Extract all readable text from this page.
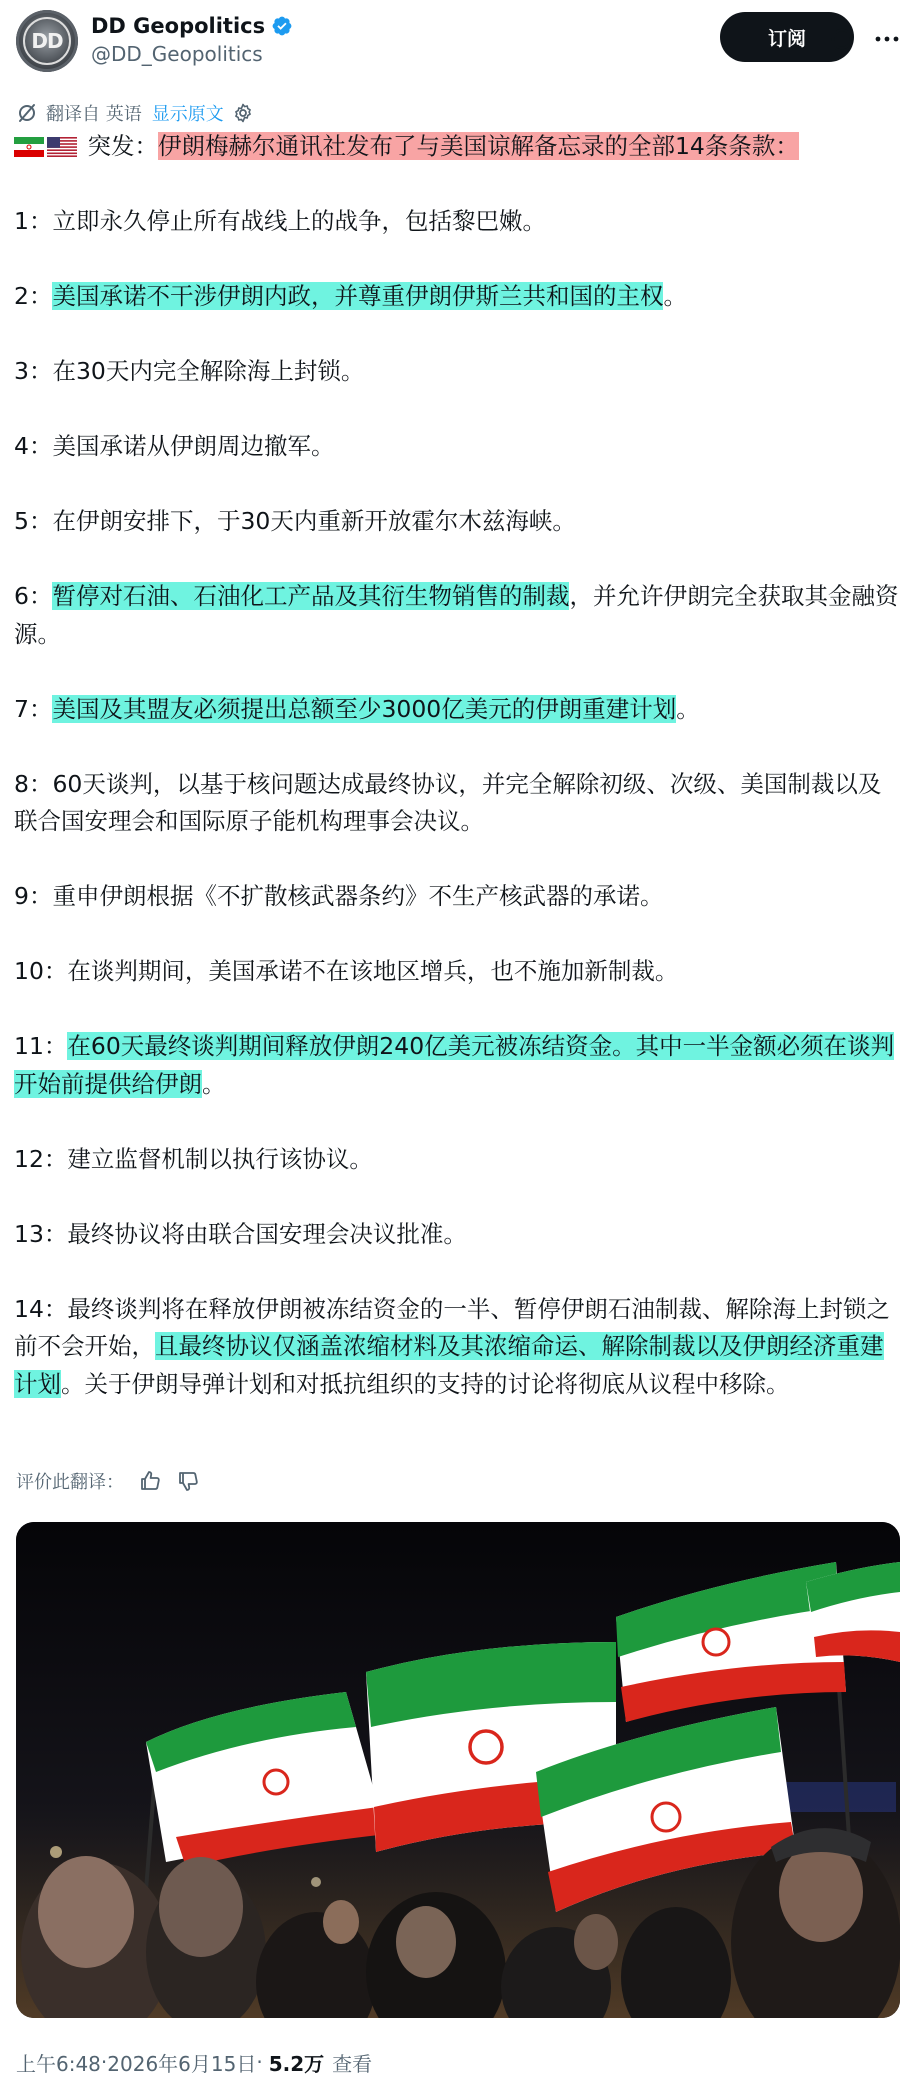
DD
DD Geopolitics
@DD_Geopolitics
订阅
翻译自 英语 显示原文

突发：伊朗梅赫尔通讯社发布了与美国谅解备忘录的全部14条条款：

1：立即永久停止所有战线上的战争，包括黎巴嫩。

2：美国承诺不干涉伊朗内政，并尊重伊朗伊斯兰共和国的主权。

3：在30天内完全解除海上封锁。

4：美国承诺从伊朗周边撤军。

5：在伊朗安排下，于30天内重新开放霍尔木兹海峡。

6：暂停对石油、石油化工产品及其衍生物销售的制裁，并允许伊朗完全获取其金融资源。

7：美国及其盟友必须提出总额至少3000亿美元的伊朗重建计划。

8：60天谈判，以基于核问题达成最终协议，并完全解除初级、次级、美国制裁以及联合国安理会和国际原子能机构理事会决议。

9：重申伊朗根据《不扩散核武器条约》不生产核武器的承诺。

10：在谈判期间，美国承诺不在该地区增兵，也不施加新制裁。

11：在60天最终谈判期间释放伊朗240亿美元被冻结资金。其中一半金额必须在谈判开始前提供给伊朗。

12：建立监督机制以执行该协议。

13：最终协议将由联合国安理会决议批准。

14：最终谈判将在释放伊朗被冻结资金的一半、暂停伊朗石油制裁、解除海上封锁之前不会开始，且最终协议仅涵盖浓缩材料及其浓缩命运、解除制裁以及伊朗经济重建计划。关于伊朗导弹计划和对抵抗组织的支持的讨论将彻底从议程中移除。

评价此翻译：
上午6:48 · 2026年6月15日 · 5.2万 查看
